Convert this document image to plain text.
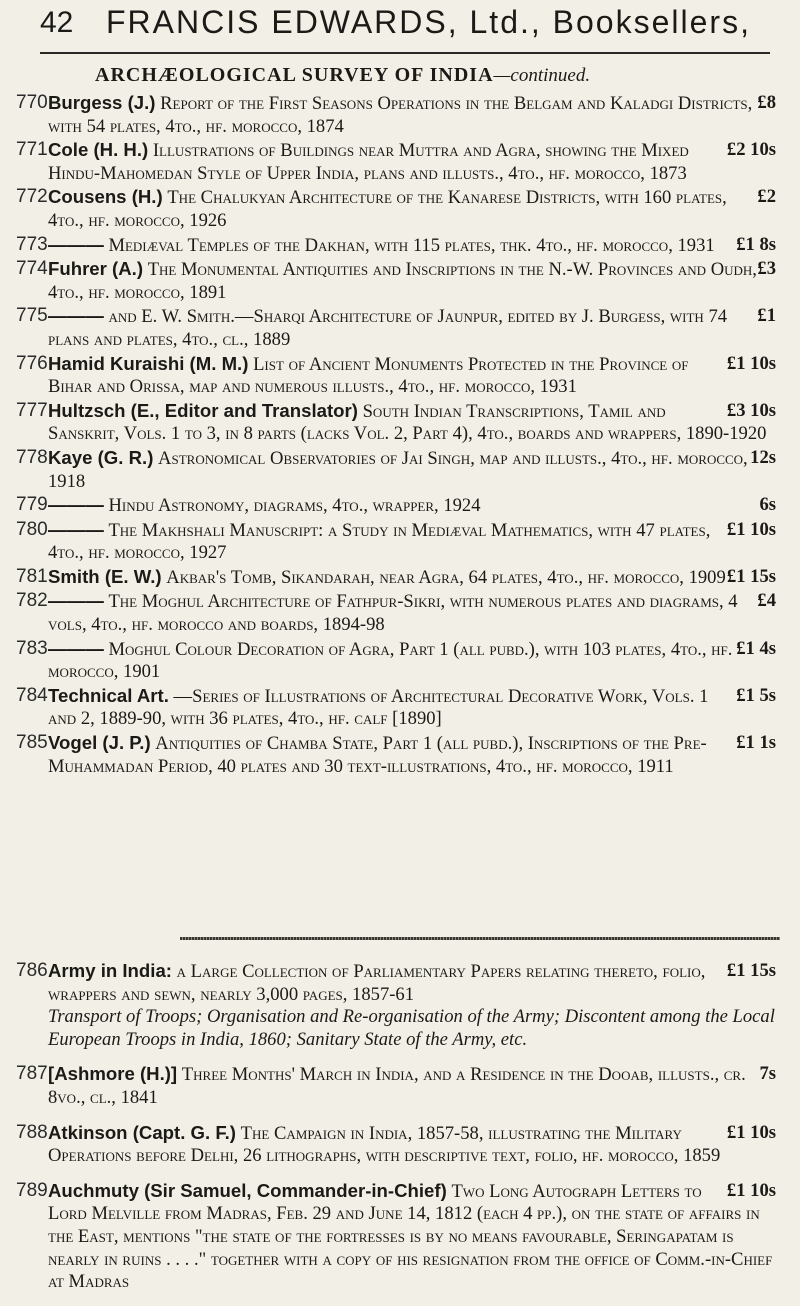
42 FRANCIS EDWARDS, Ltd., Booksellers,
ARCHÆOLOGICAL SURVEY OF INDIA—continued.
770	£8
Burgess (J.) Report of the First Seasons Operations in the Belgam and Kaladgi Districts, with 54 plates, 4to., hf. morocco, 1874
771	£2 10s
Cole (H. H.) Illustrations of Buildings near Muttra and Agra, showing the Mixed Hindu-Mahomedan Style of Upper India, plans and illusts., 4to., hf. morocco, 1873
772	£2
Cousens (H.) The Chalukyan Architecture of the Kanarese Districts, with 160 plates, 4to., hf. morocco, 1926
773	£1 8s
——— Mediæval Temples of the Dakhan, with 115 plates, thk. 4to., hf. morocco, 1931
774	£3
Fuhrer (A.) The Monumental Antiquities and Inscriptions in the N.-W. Provinces and Oudh, 4to., hf. morocco, 1891
775	£1
——— and E. W. Smith.—Sharqi Architecture of Jaunpur, edited by J. Burgess, with 74 plans and plates, 4to., cl., 1889
776	£1 10s
Hamid Kuraishi (M. M.) List of Ancient Monuments Protected in the Province of Bihar and Orissa, map and numerous illusts., 4to., hf. morocco, 1931
777	£3 10s
Hultzsch (E., Editor and Translator) South Indian Transcriptions, Tamil and Sanskrit, Vols. 1 to 3, in 8 parts (lacks Vol. 2, Part 4), 4to., boards and wrappers, 1890-1920
778	12s
Kaye (G. R.) Astronomical Observatories of Jai Singh, map and illusts., 4to., hf. morocco, 1918
779	6s
——— Hindu Astronomy, diagrams, 4to., wrapper, 1924
780	£1 10s
——— The Makhshali Manuscript: a Study in Mediæval Mathematics, with 47 plates, 4to., hf. morocco, 1927
781	£1 15s
Smith (E. W.) Akbar's Tomb, Sikandarah, near Agra, 64 plates, 4to., hf. morocco, 1909
782	£4
——— The Moghul Architecture of Fathpur-Sikri, with numerous plates and diagrams, 4 vols, 4to., hf. morocco and boards, 1894-98
783	£1 4s
——— Moghul Colour Decoration of Agra, Part 1 (all pubd.), with 103 plates, 4to., hf. morocco, 1901
784	£1 5s
Technical Art. —Series of Illustrations of Architectural Decorative Work, Vols. 1 and 2, 1889-90, with 36 plates, 4to., hf. calf [1890]
785	£1 1s
Vogel (J. P.) Antiquities of Chamba State, Part 1 (all pubd.), Inscriptions of the Pre-Muhammadan Period, 40 plates and 30 text-illustrations, 4to., hf. morocco, 1911
786	£1 15s
Army in India: a Large Collection of Parliamentary Papers relating thereto, folio, wrappers and sewn, nearly 3,000 pages, 1857-61
Transport of Troops; Organisation and Re-organisation of the Army; Discontent among the Local European Troops in India, 1860; Sanitary State of the Army, etc.
787	7s
[Ashmore (H.)] Three Months' March in India, and a Residence in the Dooab, illusts., cr. 8vo., cl., 1841
788	£1 10s
Atkinson (Capt. G. F.) The Campaign in India, 1857-58, illustrating the Military Operations before Delhi, 26 lithographs, with descriptive text, folio, hf. morocco, 1859
789	£1 10s
Auchmuty (Sir Samuel, Commander-in-Chief) Two Long Autograph Letters to Lord Melville from Madras, Feb. 29 and June 14, 1812 (each 4 pp.), on the state of affairs in the East, mentions "the state of the fortresses is by no means favourable, Seringapatam is nearly in ruins . . . ." together with a copy of his resignation from the office of Comm.-in-Chief at Madras
